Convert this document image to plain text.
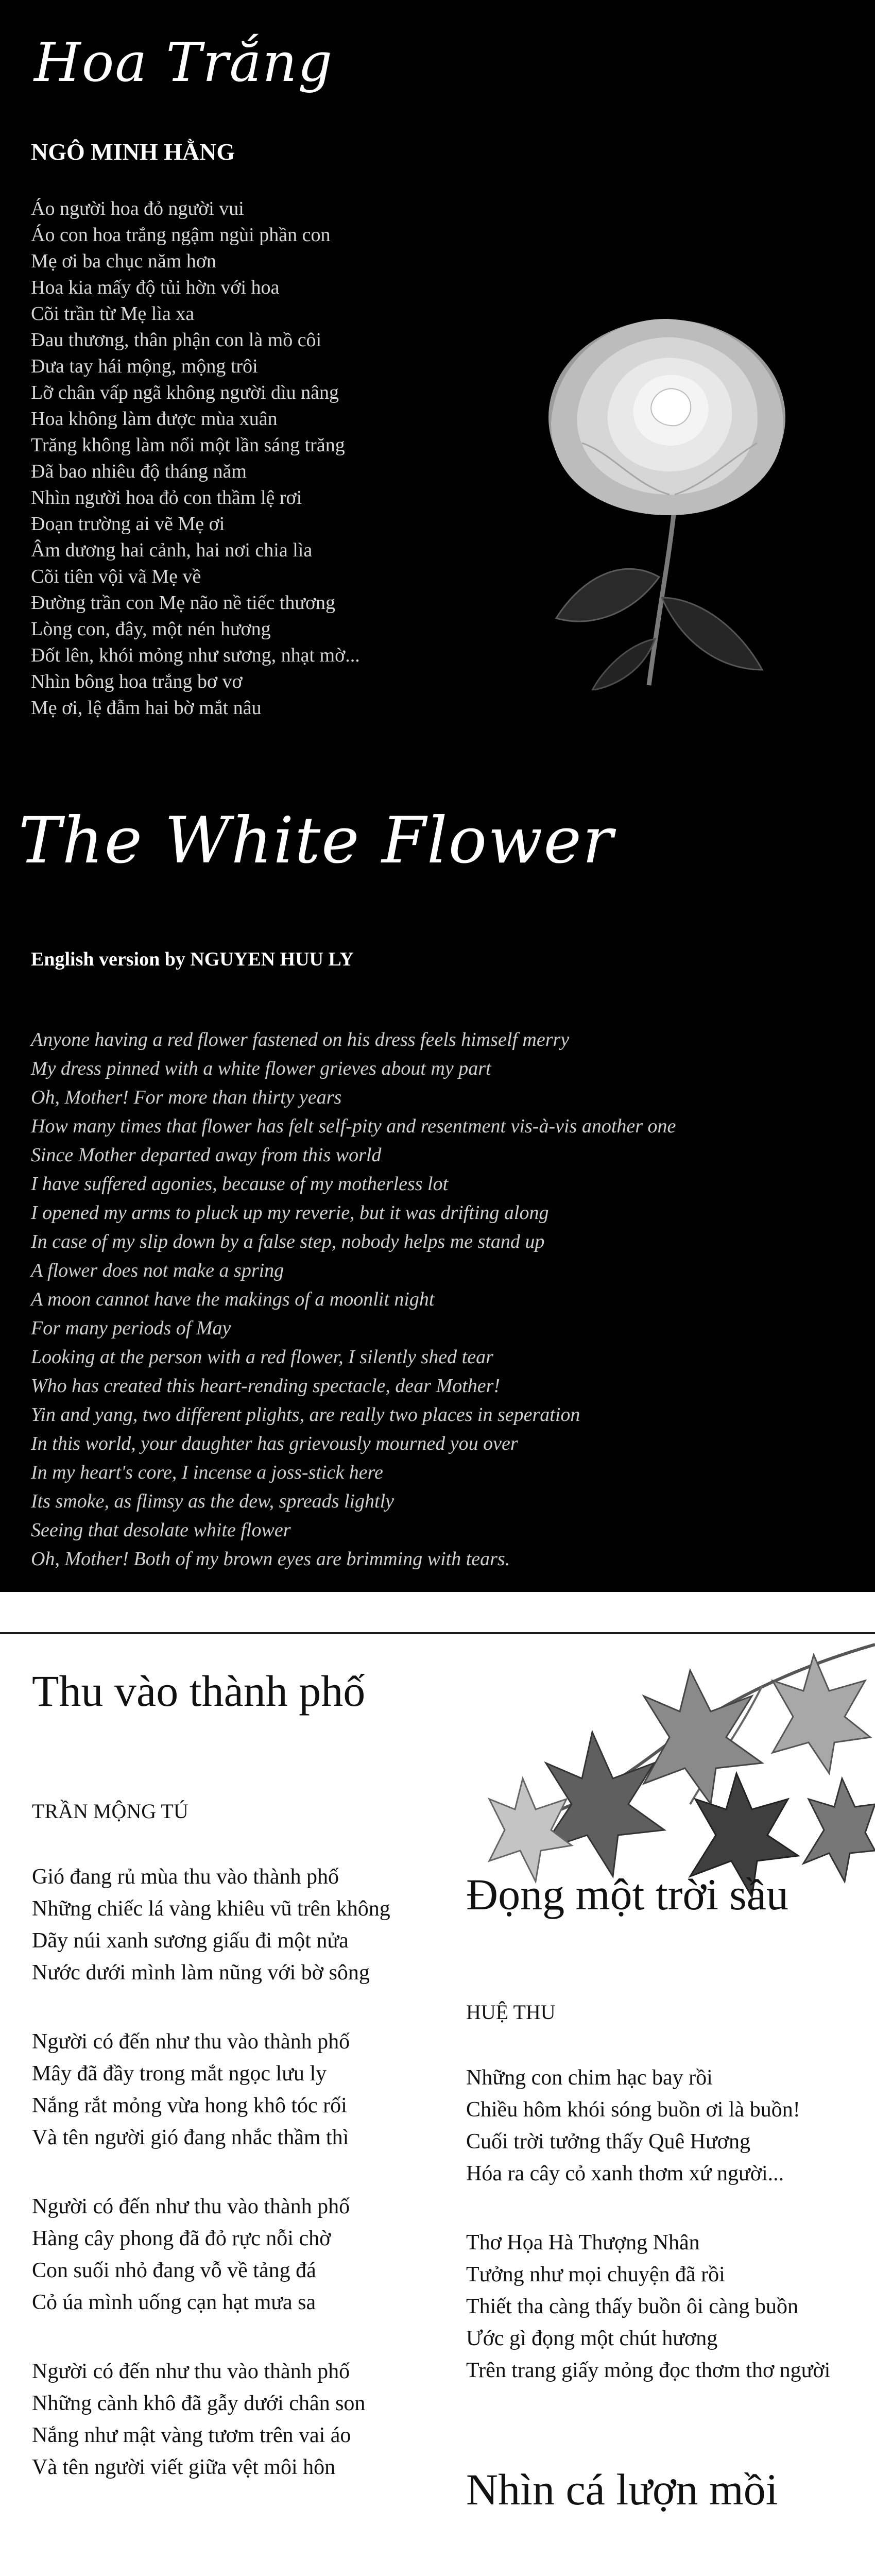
Hoa Trắng
NGÔ MINH HẰNG
Áo người hoa đỏ người vui
Áo con hoa trắng ngậm ngùi phần con
Mẹ ơi ba chục năm hơn
Hoa kia mấy độ tủi hờn với hoa
Cõi trần từ Mẹ lìa xa
Đau thương, thân phận con là mồ côi
Đưa tay hái mộng, mộng trôi
Lỡ chân vấp ngã không người dìu nâng
Hoa không làm được mùa xuân
Trăng không làm nổi một lần sáng trăng
Đã bao nhiêu độ tháng năm
Nhìn người hoa đỏ con thầm lệ rơi
Đoạn trường ai vẽ Mẹ ơi
Âm dương hai cảnh, hai nơi chia lìa
Cõi tiên vội vã Mẹ về
Đường trần con Mẹ não nề tiếc thương
Lòng con, đây, một nén hương
Đốt lên, khói mỏng như sương, nhạt mờ...
Nhìn bông hoa trắng bơ vơ
Mẹ ơi, lệ đẫm hai bờ mắt nâu
The White Flower
English version by NGUYEN HUU LY
Anyone having a red flower fastened on his dress feels himself merry
My dress pinned with a white flower grieves about my part
Oh, Mother! For more than thirty years
How many times that flower has felt self-pity and resentment vis-à-vis another one
Since Mother departed away from this world
I have suffered agonies, because of my motherless lot
I opened my arms to pluck up my reverie, but it was drifting along
In case of my slip down by a false step, nobody helps me stand up
A flower does not make a spring
A moon cannot have the makings of a moonlit night
For many periods of May
Looking at the person with a red flower, I silently shed tear
Who has created this heart-rending spectacle, dear Mother!
Yin and yang, two different plights, are really two places in seperation
In this world, your daughter has grievously mourned you over
In my heart's core, I incense a joss-stick here
Its smoke, as flimsy as the dew, spreads lightly
Seeing that desolate white flower
Oh, Mother! Both of my brown eyes are brimming with tears.
Thu vào thành phố
TRẦN MỘNG TÚ
Gió đang rủ mùa thu vào thành phố
Những chiếc lá vàng khiêu vũ trên không
Dãy núi xanh sương giấu đi một nửa
Nước dưới mình làm nũng với bờ sông
Người có đến như thu vào thành phố
Mây đã đầy trong mắt ngọc lưu ly
Nắng rắt mỏng vừa hong khô tóc rối
Và tên người gió đang nhắc thầm thì
Người có đến như thu vào thành phố
Hàng cây phong đã đỏ rực nỗi chờ
Con suối nhỏ đang vỗ về tảng đá
Cỏ úa mình uống cạn hạt mưa sa
Người có đến như thu vào thành phố
Những cành khô đã gẫy dưới chân son
Nắng như mật vàng tươm trên vai áo
Và tên người viết giữa vệt môi hôn
Đọng một trời sầu
HUỆ THU
Những con chim hạc bay rồi
Chiều hôm khói sóng buồn ơi là buồn!
Cuối trời tưởng thấy Quê Hương
Hóa ra cây cỏ xanh thơm xứ người...
Thơ Họa Hà Thượng Nhân
Tưởng như mọi chuyện đã rồi
Thiết tha càng thấy buồn ôi càng buồn
Ước gì đọng một chút hương
Trên trang giấy mỏng đọc thơm thơ người
Nhìn cá lượn mồi
